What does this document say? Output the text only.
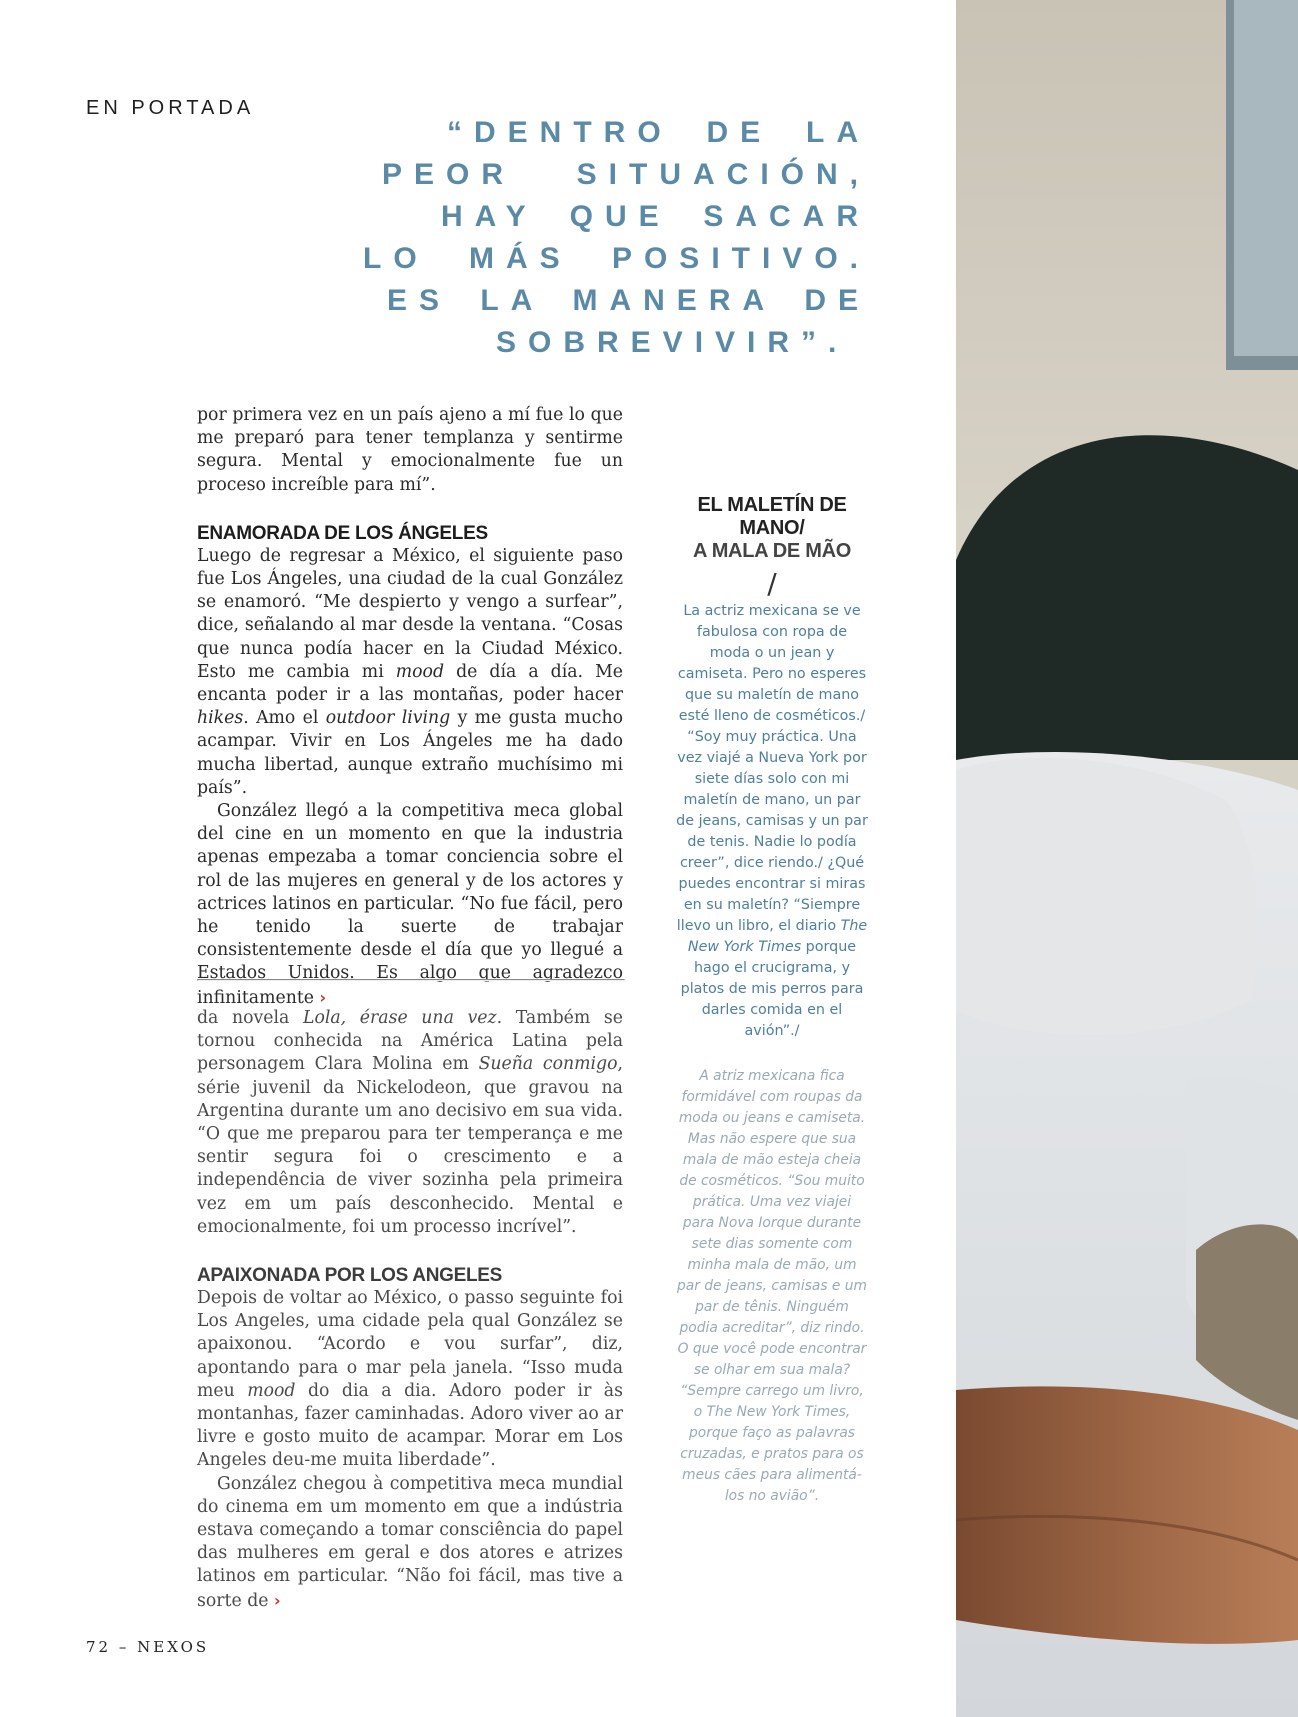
EN PORTADA
“DENTRO DE LA
PEOR SITUACIÓN,
HAY QUE SACAR
LO MÁS POSITIVO.
ES LA MANERA DE
SOBREVIVIR”.

por primera vez en un país ajeno a mí fue lo que me preparó para tener templanza y sentirme segura. Mental y emocionalmente fue un proceso increíble para mí”.

ENAMORADA DE LOS ÁNGELES

Luego de regresar a México, el siguiente paso fue Los Ángeles, una ciudad de la cual González se enamoró. “Me despierto y vengo a surfear”, dice, señalando al mar desde la ventana. “Cosas que nunca podía hacer en la Ciudad México. Esto me cambia mi mood de día a día. Me encanta poder ir a las montañas, poder hacer hikes. Amo el outdoor living y me gusta mucho acampar. Vivir en Los Ángeles me ha dado mucha libertad, aunque extraño muchísimo mi país”.

González llegó a la competitiva meca global del cine en un momento en que la industria apenas empezaba a tomar conciencia sobre el rol de las mujeres en general y de los actores y actrices latinos en particular. “No fue fácil, pero he tenido la suerte de trabajar consistentemente desde el día que yo llegué a Estados Unidos. Es algo que agradezco infinitamente ›

da novela Lola, érase una vez. Também se tornou conhecida na América Latina pela personagem Clara Molina em Sueña conmigo, série juvenil da Nickelodeon, que gravou na Argentina durante um ano decisivo em sua vida. “O que me preparou para ter temperança e me sentir segura foi o crescimento e a independência de viver sozinha pela primeira vez em um país desconhecido. Mental e emocionalmente, foi um processo incrível”.

APAIXONADA POR LOS ANGELES

Depois de voltar ao México, o passo seguinte foi Los Angeles, uma cidade pela qual González se apaixonou. “Acordo e vou surfar”, diz, apontando para o mar pela janela. “Isso muda meu mood do dia a dia. Adoro poder ir às montanhas, fazer caminhadas. Adoro viver ao ar livre e gosto muito de acampar. Morar em Los Angeles deu-me muita liberdade”.

González chegou à competitiva meca mundial do cinema em um momento em que a indústria estava começando a tomar consciência do papel das mulheres em geral e dos atores e atrizes latinos em particular. “Não foi fácil, mas tive a sorte de ›

EL MALETÍN DE MANO/
A MALA DE MÃO
/

La actriz mexicana se ve fabulosa con ropa de moda o un jean y camiseta. Pero no esperes que su maletín de mano esté lleno de cosméticos./ “Soy muy práctica. Una vez viajé a Nueva York por siete días solo con mi maletín de mano, un par de jeans, camisas y un par de tenis. Nadie lo podía creer”, dice riendo./ ¿Qué puedes encontrar si miras en su maletín? “Siempre llevo un libro, el diario The New York Times porque hago el crucigrama, y platos de mis perros para darles comida en el avión”./

A atriz mexicana fica formidável com roupas da moda ou jeans e camiseta. Mas não espere que sua mala de mão esteja cheia de cosméticos. “Sou muito prática. Uma vez viajei para Nova Iorque durante sete dias somente com minha mala de mão, um par de jeans, camisas e um par de tênis. Ninguém podia acreditar”, diz rindo. O que você pode encontrar se olhar em sua mala? “Sempre carrego um livro, o The New York Times, porque faço as palavras cruzadas, e pratos para os meus cães para alimentá-los no avião”.

72 – NEXOS
